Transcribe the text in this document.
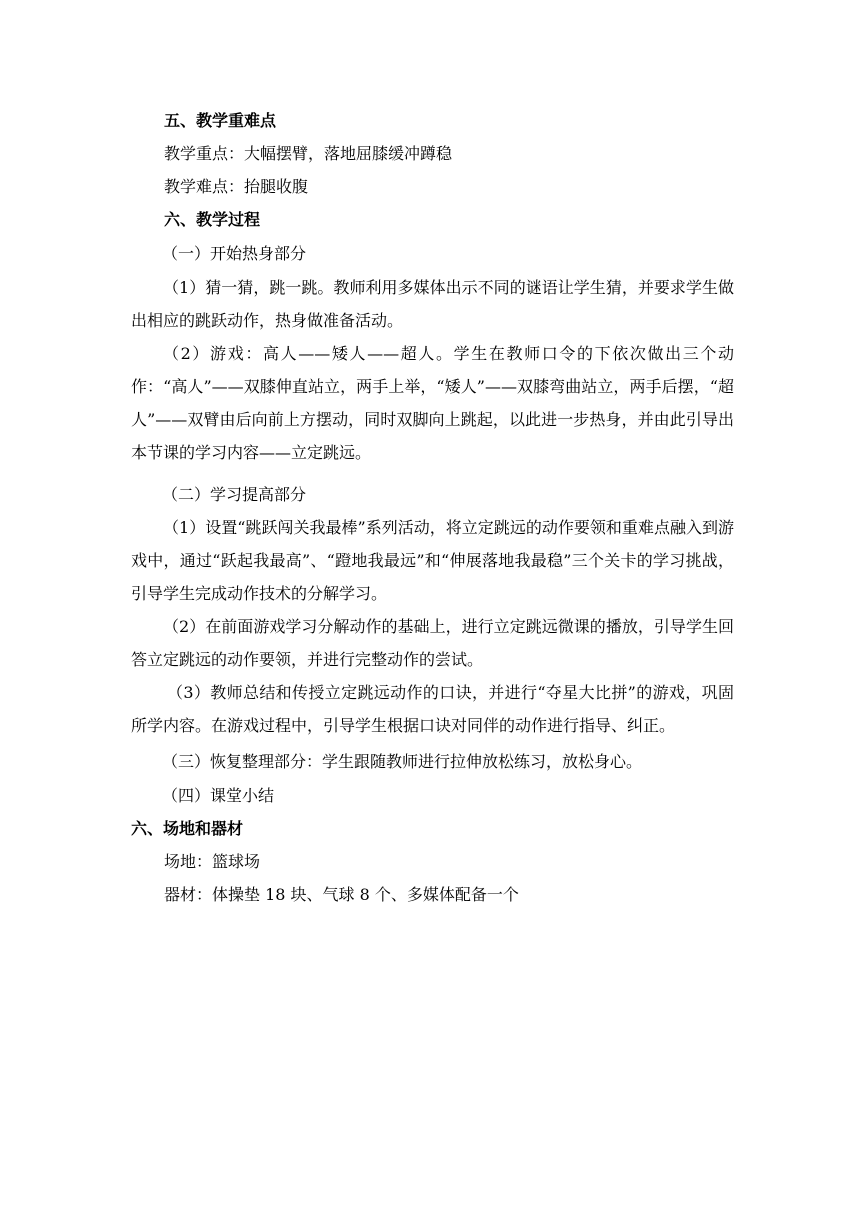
五、教学重难点
教学重点：大幅摆臂，落地屈膝缓冲蹲稳
教学难点：抬腿收腹
六、教学过程
（一）开始热身部分

（1）猜一猜，跳一跳。教师利用多媒体出示不同的谜语让学生猜，并要求学生做出相应的跳跃动作，热身做准备活动。

（2）游戏：高人——矮人——超人。学生在教师口令的下依次做出三个动作：“高人”——双膝伸直站立，两手上举，“矮人”——双膝弯曲站立，两手后摆，“超人”——双臂由后向前上方摆动，同时双脚向上跳起，以此进一步热身，并由此引导出本节课的学习内容——立定跳远。

（二）学习提高部分

（1）设置“跳跃闯关我最棒”系列活动，将立定跳远的动作要领和重难点融入到游戏中，通过“跃起我最高”、“蹬地我最远”和“伸展落地我最稳”三个关卡的学习挑战，引导学生完成动作技术的分解学习。

（2）在前面游戏学习分解动作的基础上，进行立定跳远微课的播放，引导学生回答立定跳远的动作要领，并进行完整动作的尝试。

（3）教师总结和传授立定跳远动作的口诀，并进行“夺星大比拼”的游戏，巩固所学内容。在游戏过程中，引导学生根据口诀对同伴的动作进行指导、纠正。

（三）恢复整理部分：学生跟随教师进行拉伸放松练习，放松身心。
（四）课堂小结
六、场地和器材
场地：篮球场
器材：体操垫 18 块、气球 8 个、多媒体配备一个
